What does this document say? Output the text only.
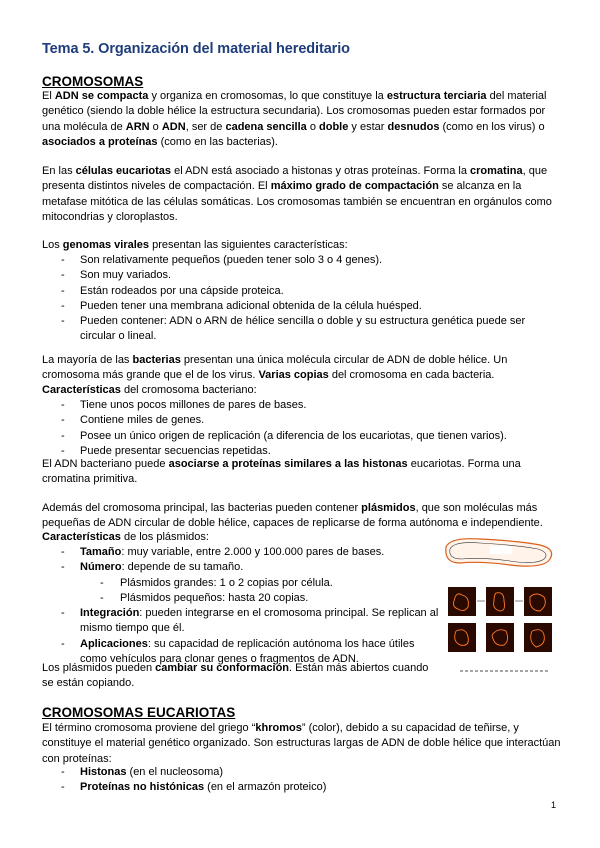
Tema 5. Organización del material hereditario
CROMOSOMAS
El ADN se compacta y organiza en cromosomas, lo que constituye la estructura terciaria del material genético (siendo la doble hélice la estructura secundaria). Los cromosomas pueden estar formados por una molécula de ARN o ADN, ser de cadena sencilla o doble y estar desnudos (como en los virus) o asociados a proteínas (como en las bacterias).
En las células eucariotas el ADN está asociado a histonas y otras proteínas. Forma la cromatina, que presenta distintos niveles de compactación. El máximo grado de compactación se alcanza en la metafase mitótica de las células somáticas. Los cromosomas también se encuentran en orgánulos como mitocondrias y cloroplastos.
Los genomas virales presentan las siguientes características:
- Son relativamente pequeños (pueden tener solo 3 o 4 genes).
- Son muy variados.
- Están rodeados por una cápside proteica.
- Pueden tener una membrana adicional obtenida de la célula huésped.
- Pueden contener: ADN o ARN de hélice sencilla o doble y su estructura genética puede ser circular o lineal.
La mayoría de las bacterias presentan una única molécula circular de ADN de doble hélice. Un cromosoma más grande que el de los virus. Varias copias del cromosoma en cada bacteria.
Características del cromosoma bacteriano:
- Tiene unos pocos millones de pares de bases.
- Contiene miles de genes.
- Posee un único origen de replicación (a diferencia de los eucariotas, que tienen varios).
- Puede presentar secuencias repetidas.
El ADN bacteriano puede asociarse a proteínas similares a las histonas eucariotas. Forma una cromatina primitiva.
Además del cromosoma principal, las bacterias pueden contener plásmidos, que son moléculas más pequeñas de ADN circular de doble hélice, capaces de replicarse de forma autónoma e independiente.
Características de los plásmidos:
- Tamaño: muy variable, entre 2.000 y 100.000 pares de bases.
- Número: depende de su tamaño.
- Plásmidos grandes: 1 o 2 copias por célula.
- Plásmidos pequeños: hasta 20 copias.
- Integración: pueden integrarse en el cromosoma principal. Se replican al mismo tiempo que él.
- Aplicaciones: su capacidad de replicación autónoma los hace útiles como vehículos para clonar genes o fragmentos de ADN.
Los plásmidos pueden cambiar su conformación. Están más abiertos cuando se están copiando.
CROMOSOMAS EUCARIOTAS
El término cromosoma proviene del griego “khromos” (color), debido a su capacidad de teñirse, y constituye el material genético organizado. Son estructuras largas de ADN de doble hélice que interactúan con proteínas:
- Histonas (en el nucleosoma)
- Proteínas no histónicas (en el armazón proteico)
1
